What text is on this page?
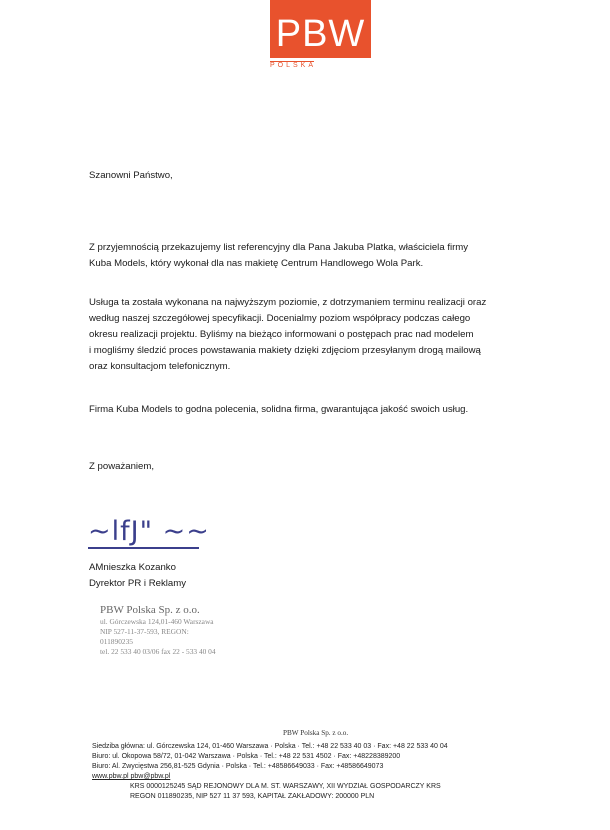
PBW
POLSKA

Szanowni Państwo,

Z przyjemnością przekazujemy list referencyjny dla Pana Jakuba Platka, właściciela firmy

Kuba Models, który wykonał dla nas makietę Centrum Handlowego Wola Park.

Usługa ta została wykonana na najwyższym poziomie, z dotrzymaniem terminu realizacji oraz

według naszej szczegółowej specyfikacji. Docenialmy poziom współpracy podczas całego

okresu realizacji projektu. Byliśmy na bieżąco informowani o postępach prac nad modelem

i mogliśmy śledzić proces powstawania makiety dzięki zdjęciom przesyłanym drogą mailową

oraz konsultacjom telefonicznym.

Firma Kuba Models to godna polecenia, solidna firma, gwarantująca jakość swoich usług.

Z poważaniem,

~lfJ" ~~

AMnieszka Kozanko

Dyrektor PR i Reklamy

PBW Polska Sp. z o.o.
ul. Górczewska 124,01-460 Warszawa
NIP 527-11-37-593, REGON:
011890235
tel. 22 533 40 03/06 fax 22 - 533 40 04
PBW Polska Sp. z o.o.
Siedziba główna: ul. Górczewska 124, 01-460 Warszawa · Polska · Tel.: +48 22 533 40 03 · Fax: +48 22 533 40 04
Biuro: ul. Okopowa 58/72, 01-042 Warszawa · Polska · Tel.: +48 22 531 4502 · Fax: +48228389200
Biuro: Al. Zwycięstwa 256,81-525 Gdynia · Polska · Tel.: +48586649033 · Fax: +48586649073
www.pbw.pl pbw@pbw.pl
KRS 0000125245 SĄD REJONOWY DLA M. ST. WARSZAWY, XII WYDZIAŁ GOSPODARCZY KRS
REGON 011890235, NIP 527 11 37 593, KAPITAŁ ZAKŁADOWY: 200000 PLN
